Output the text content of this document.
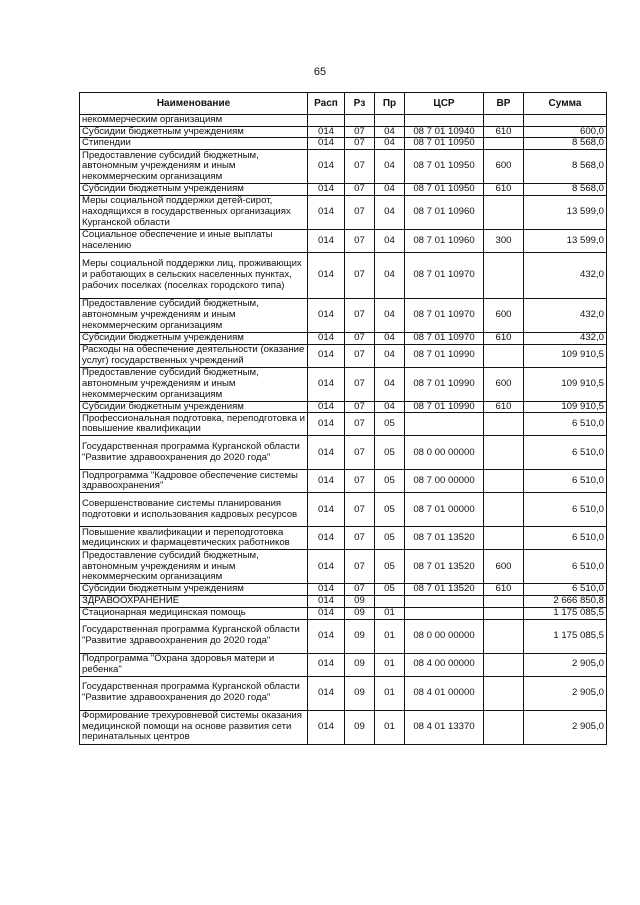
65
Наименование	Расп	Рз	Пр	ЦСР	ВР	Сумма
некоммерческим организациям						
Субсидии бюджетным учреждениям	014	07	04	08 7 01 10940	610	600,0
Стипендии	014	07	04	08 7 01 10950		8 568,0
Предоставление субсидий бюджетным, автономным учреждениям и иным некоммерческим организациям	014	07	04	08 7 01 10950	600	8 568,0
Субсидии бюджетным учреждениям	014	07	04	08 7 01 10950	610	8 568,0
Меры социальной поддержки детей-сирот, находящихся в государственных организациях Курганской области	014	07	04	08 7 01 10960		13 599,0
Социальное обеспечение и иные выплаты населению	014	07	04	08 7 01 10960	300	13 599,0
Меры социальной поддержки лиц, проживающих и работающих в сельских населенных пунктах, рабочих поселках (поселках городского типа)	014	07	04	08 7 01 10970		432,0
Предоставление субсидий бюджетным, автономным учреждениям и иным некоммерческим организациям	014	07	04	08 7 01 10970	600	432,0
Субсидии бюджетным учреждениям	014	07	04	08 7 01 10970	610	432,0
Расходы на обеспечение деятельности (оказание услуг) государственных учреждений	014	07	04	08 7 01 10990		109 910,5
Предоставление субсидий бюджетным, автономным учреждениям и иным некоммерческим организациям	014	07	04	08 7 01 10990	600	109 910,5
Субсидии бюджетным учреждениям	014	07	04	08 7 01 10990	610	109 910,5
Профессиональная подготовка, переподготовка и повышение квалификации	014	07	05			6 510,0
Государственная программа Курганской области "Развитие здравоохранения до 2020 года"	014	07	05	08 0 00 00000		6 510,0
Подпрограмма "Кадровое обеспечение системы здравоохранения"	014	07	05	08 7 00 00000		6 510,0
Совершенствование системы планирования подготовки и использования кадровых ресурсов	014	07	05	08 7 01 00000		6 510,0
Повышение квалификации и переподготовка медицинских и фармацевтических работников	014	07	05	08 7 01 13520		6 510,0
Предоставление субсидий бюджетным, автономным учреждениям и иным некоммерческим организациям	014	07	05	08 7 01 13520	600	6 510,0
Субсидии бюджетным учреждениям	014	07	05	08 7 01 13520	610	6 510,0
ЗДРАВООХРАНЕНИЕ	014	09				2 666 850,8
Стационарная медицинская помощь	014	09	01			1 175 085,5
Государственная программа Курганской области "Развитие здравоохранения до 2020 года"	014	09	01	08 0 00 00000		1 175 085,5
Подпрограмма "Охрана здоровья матери и ребенка"	014	09	01	08 4 00 00000		2 905,0
Государственная программа Курганской области "Развитие здравоохранения до 2020 года"	014	09	01	08 4 01 00000		2 905,0
Формирование трехуровневой системы оказания медицинской помощи на основе развития сети перинатальных центров	014	09	01	08 4 01 13370		2 905,0
